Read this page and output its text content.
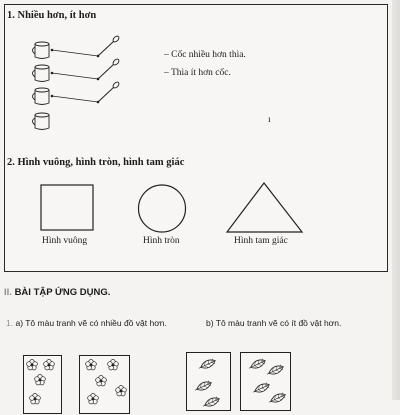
1. Nhiều hơn, ít hơn
– Cốc nhiều hơn thìa.
– Thìa ít hơn cốc.
ı
2. Hình vuông, hình tròn, hình tam giác
Hình vuông	Hình tròn	Hình tam giác
II. BÀI TẬP ỨNG DỤNG.
1. a) Tô màu tranh vẽ có nhiều đồ vật hơn.	b) Tô màu tranh vẽ có ít đồ vật hơn.
